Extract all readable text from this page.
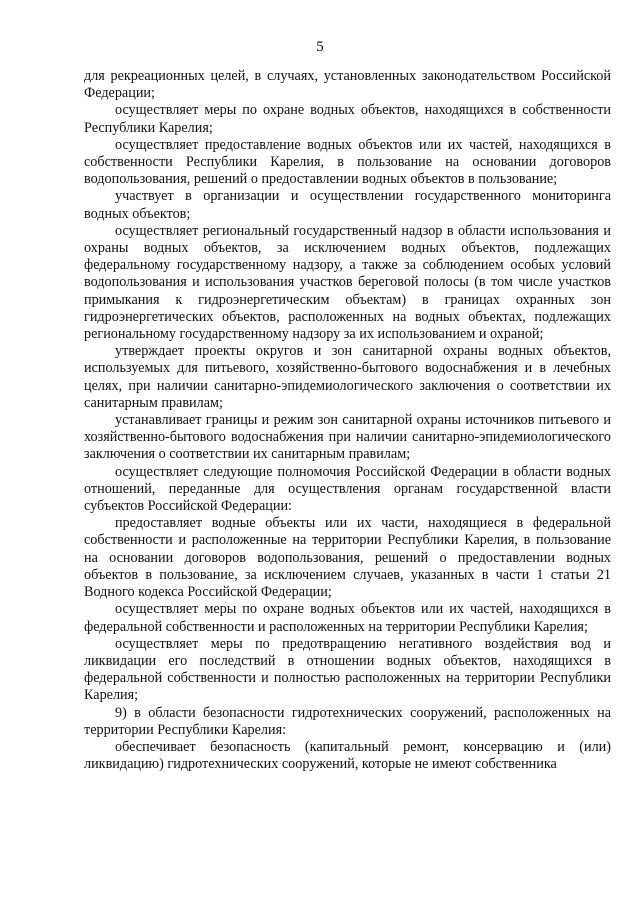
5

для рекреационных целей, в случаях, установленных законодательством Российской Федерации;

осуществляет меры по охране водных объектов, находящихся в собственности Республики Карелия;

осуществляет предоставление водных объектов или их частей, находящихся в собственности Республики Карелия, в пользование на основании договоров водопользования, решений о предоставлении водных объектов в пользование;

участвует в организации и осуществлении государственного мониторинга водных объектов;

осуществляет региональный государственный надзор в области использования и охраны водных объектов, за исключением водных объектов, подлежащих федеральному государственному надзору, а также за соблюдением особых условий водопользования и использования участков береговой полосы (в том числе участков примыкания к гидроэнергетическим объектам) в границах охранных зон гидроэнергетических объектов, расположенных на водных объектах, подлежащих региональному государственному надзору за их использованием и охраной;

утверждает проекты округов и зон санитарной охраны водных объектов, используемых для питьевого, хозяйственно-бытового водоснабжения и в лечебных целях, при наличии санитарно-эпидемиологического заключения о соответствии их санитарным правилам;

устанавливает границы и режим зон санитарной охраны источников питьевого и хозяйственно-бытового водоснабжения при наличии санитарно-эпидемиологического заключения о соответствии их санитарным правилам;

осуществляет следующие полномочия Российской Федерации в области водных отношений, переданные для осуществления органам государственной власти субъектов Российской Федерации:

предоставляет водные объекты или их части, находящиеся в федеральной собственности и расположенные на территории Республики Карелия, в пользование на основании договоров водопользования, решений о предоставлении водных объектов в пользование, за исключением случаев, указанных в части 1 статьи 21 Водного кодекса Российской Федерации;

осуществляет меры по охране водных объектов или их частей, находящихся в федеральной собственности и расположенных на территории Республики Карелия;

осуществляет меры по предотвращению негативного воздействия вод и ликвидации его последствий в отношении водных объектов, находящихся в федеральной собственности и полностью расположенных на территории Республики Карелия;

9) в области безопасности гидротехнических сооружений, расположенных на территории Республики Карелия:

обеспечивает безопасность (капитальный ремонт, консервацию и (или) ликвидацию) гидротехнических сооружений, которые не имеют собственника
